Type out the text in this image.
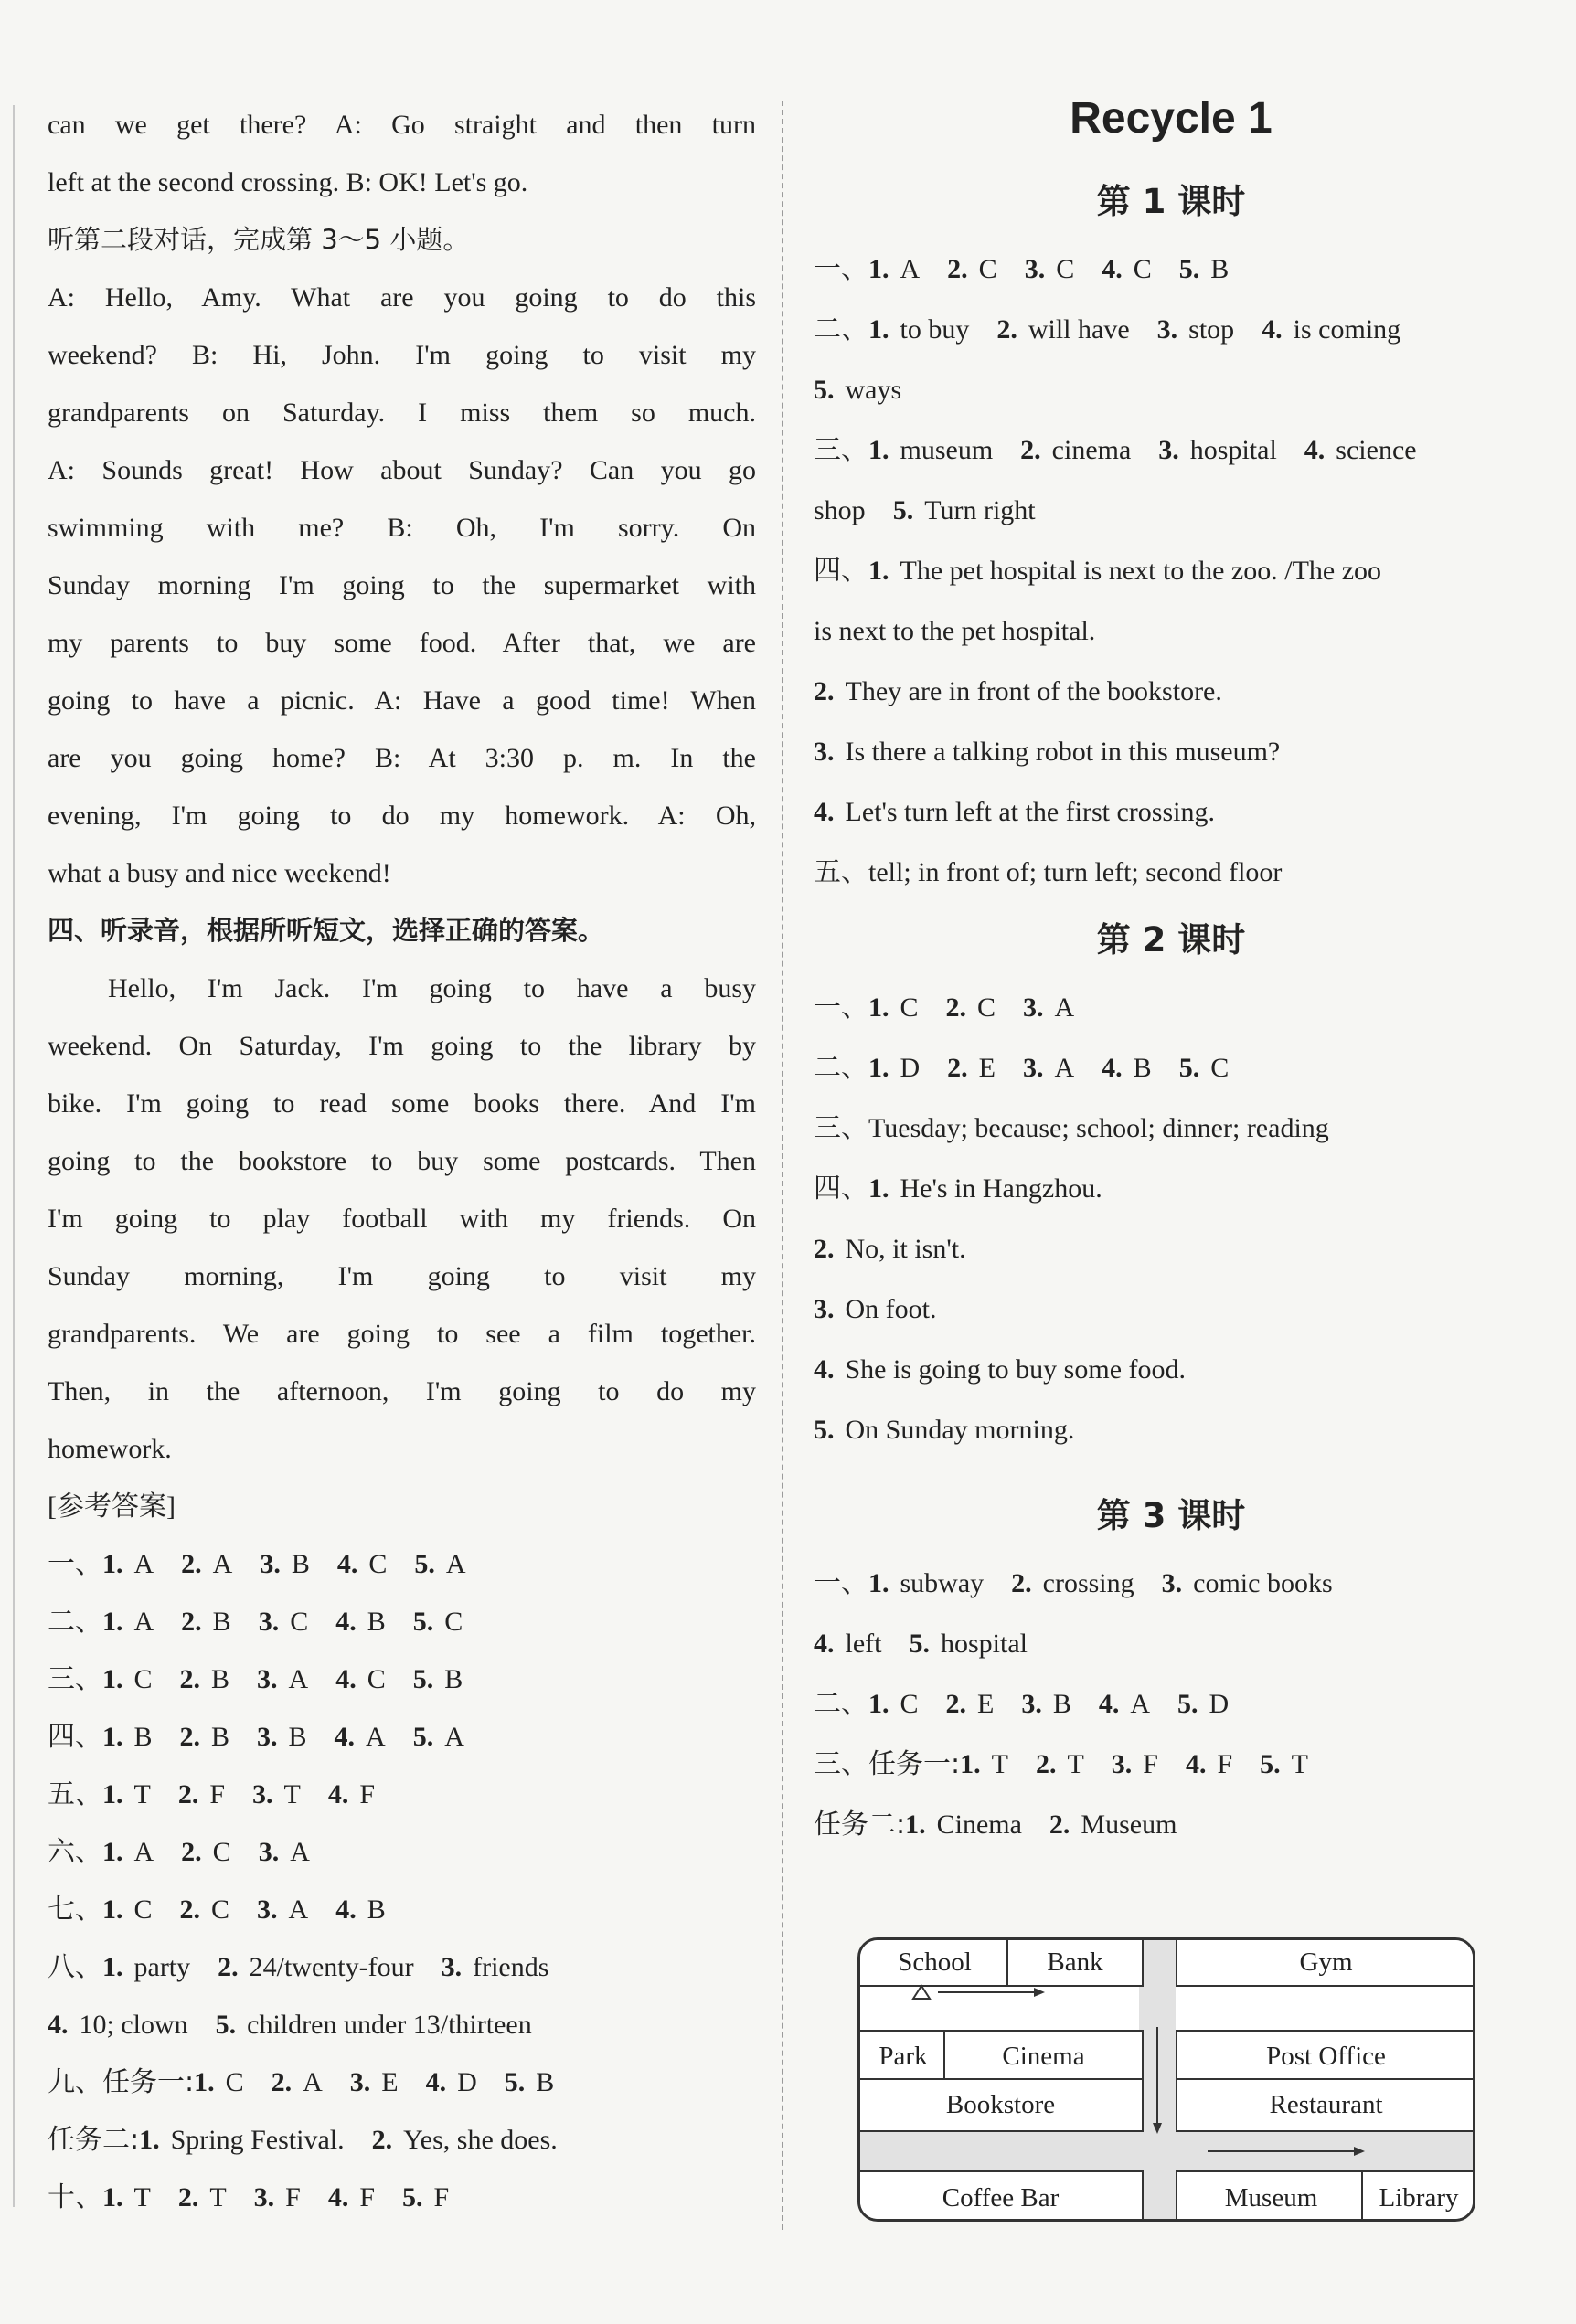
can we get there? A: Go straight and then turn
left at the second crossing. B: OK! Let's go.
听第二段对话，完成第 3～5 小题。
A: Hello, Amy. What are you going to do this
weekend? B: Hi, John. I'm going to visit my
grandparents on Saturday. I miss them so much.
A: Sounds great! How about Sunday? Can you go
swimming with me? B: Oh, I'm sorry. On
Sunday morning I'm going to the supermarket with
my parents to buy some food. After that, we are
going to have a picnic. A: Have a good time! When
are you going home? B: At 3:30 p. m. In the
evening, I'm going to do my homework. A: Oh,
what a busy and nice weekend!
四、听录音，根据所听短文，选择正确的答案。
Hello, I'm Jack. I'm going to have a busy
weekend. On Saturday, I'm going to the library by
bike. I'm going to read some books there. And I'm
going to the bookstore to buy some postcards. Then
I'm going to play football with my friends. On
Sunday morning, I'm going to visit my
grandparents. We are going to see a film together.
Then, in the afternoon, I'm going to do my
homework.
[参考答案]
一、1. A 2. A 3. B 4. C 5. A
二、1. A 2. B 3. C 4. B 5. C
三、1. C 2. B 3. A 4. C 5. B
四、1. B 2. B 3. B 4. A 5. A
五、1. T 2. F 3. T 4. F
六、1. A 2. C 3. A
七、1. C 2. C 3. A 4. B
八、1. party 2. 24/twenty-four 3. friends
4. 10; clown 5. children under 13/thirteen
九、任务一:1. C 2. A 3. E 4. D 5. B
任务二:1. Spring Festival. 2. Yes, she does.
十、1. T 2. T 3. F 4. F 5. F
Recycle 1
第 1 课时
一、1. A 2. C 3. C 4. C 5. B
二、1. to buy 2. will have 3. stop 4. is coming
5. ways
三、1. museum 2. cinema 3. hospital 4. science
shop 5. Turn right
四、1. The pet hospital is next to the zoo. /The zoo
is next to the pet hospital.
2. They are in front of the bookstore.
3. Is there a talking robot in this museum?
4. Let's turn left at the first crossing.
五、tell; in front of; turn left; second floor
第 2 课时
一、1. C 2. C 3. A
二、1. D 2. E 3. A 4. B 5. C
三、Tuesday; because; school; dinner; reading
四、1. He's in Hangzhou.
2. No, it isn't.
3. On foot.
4. She is going to buy some food.
5. On Sunday morning.
第 3 课时
一、1. subway 2. crossing 3. comic books
4. left 5. hospital
二、1. C 2. E 3. B 4. A 5. D
三、任务一:1. T 2. T 3. F 4. F 5. T
任务二:1. Cinema 2. Museum
School	Bank	Gym
Park	Cinema	Post Office
Bookstore	Restaurant
Coffee Bar	Museum	Library
